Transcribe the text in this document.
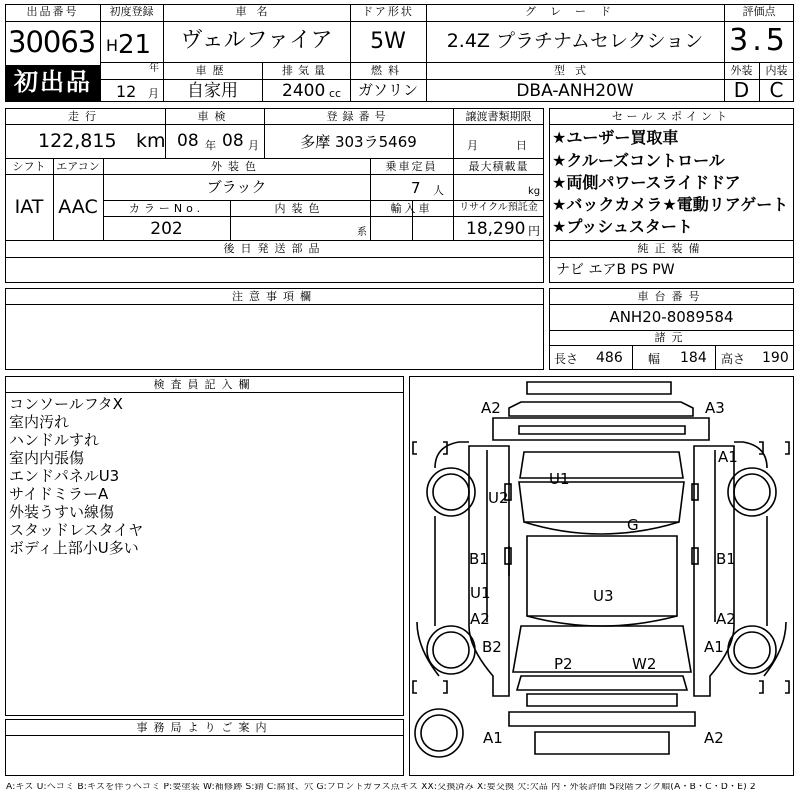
出品番号
30063
初出品
初度登録
H 21
年
12 月
車名
ヴェルファイア
ドア形状
5W
グレード
2.4Z プラチナムセレクション
評価点
3.5
外装	内装
D	C
車歴
自家用
排気量
2400 cc
燃料
ガソリン
型式
DBA-ANH20W
走行
122,815 km
車検
08 年 08 月
登録番号
多摩 303ラ5469
譲渡書類期限
月	日
シフト エアコン
IAT AAC
外装色
ブラック
乗車定員
7 人
最大積載量
kg
カラーNo.
202
内装色
系
輸入車	リサイクル預託金
18,290 円
後日発送部品
セールスポイント
★ユーザー買取車
★クルーズコントロール
★両側パワースライドドア
★バックカメラ★電動リアゲート
★プッシュスタート
純正装備
ナビ エアB PS PW
注意事項欄	車台番号
ANH20-8089584
諸元
長さ 486 幅 184 高さ 190
検査員記入欄
コンソールフタX
室内汚れ
ハンドルすれ
室内内張傷
エンドパネルU3
サイドミラーA
外装うすい線傷
スタッドレスタイヤ
ボディ上部小U多い
事務局よりご案内
A2	A3
A1
U1
U2
G
B1	B1
U1	U3
A2	A2
B2	A1
P2	W2
A1	A2
A:キズ U:ヘコミ B:キズを伴うヘコミ P:要塗装 W:補修跡 S:錆 C:腐食、穴 G:フロントガラス点キズ XX:交換済み X:要交換 欠:欠品 内・外装評価 5段階ランク順(A・B・C・D・E) 2
